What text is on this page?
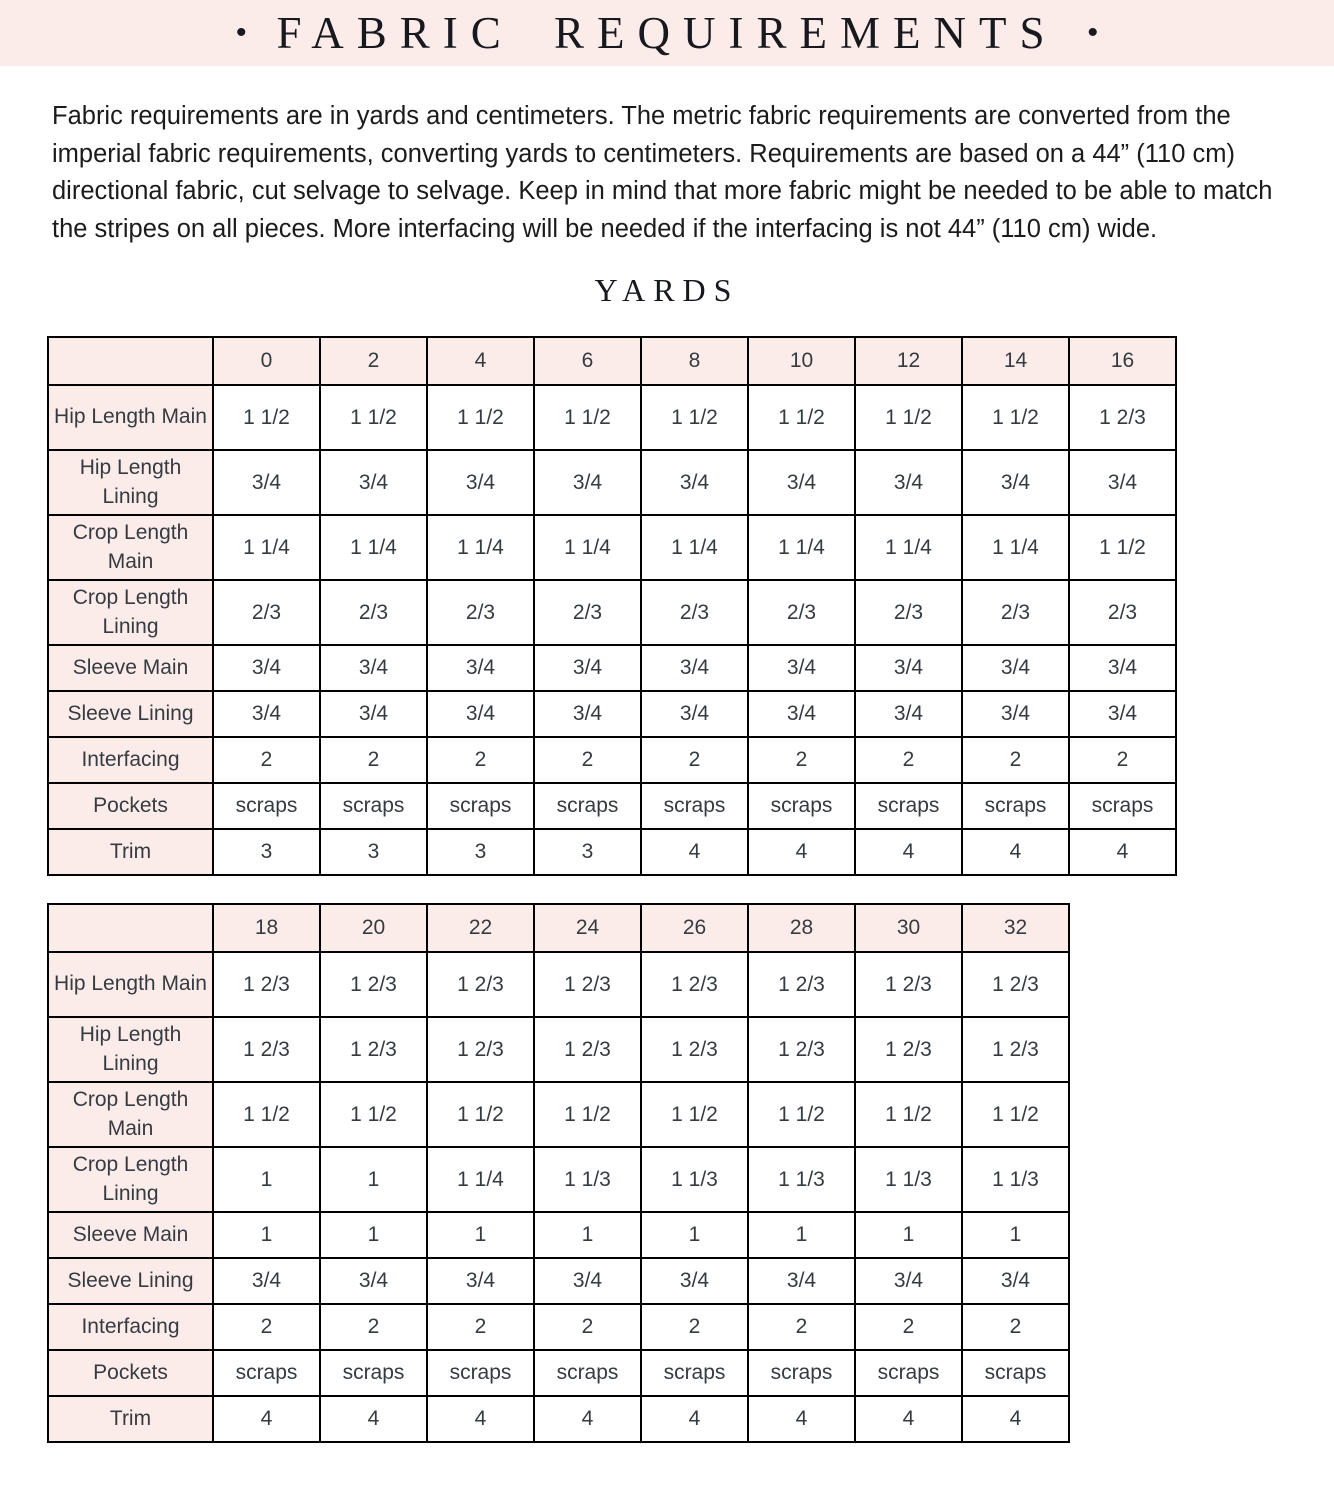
• FABRIC REQUIREMENTS •

Fabric requirements are in yards and centimeters. The metric fabric requirements are converted from the imperial fabric requirements, converting yards to centimeters. Requirements are based on a 44” (110 cm) directional fabric, cut selvage to selvage. Keep in mind that more fabric might be needed to be able to match the stripes on all pieces. More interfacing will be needed if the interfacing is not 44” (110 cm) wide.

YARDS
	0	2	4	6	8	10	12	14	16
Hip Length Main	1 1/2	1 1/2	1 1/2	1 1/2	1 1/2	1 1/2	1 1/2	1 1/2	1 2/3
Hip Length Lining	3/4	3/4	3/4	3/4	3/4	3/4	3/4	3/4	3/4
Crop Length Main	1 1/4	1 1/4	1 1/4	1 1/4	1 1/4	1 1/4	1 1/4	1 1/4	1 1/2
Crop Length Lining	2/3	2/3	2/3	2/3	2/3	2/3	2/3	2/3	2/3
Sleeve Main	3/4	3/4	3/4	3/4	3/4	3/4	3/4	3/4	3/4
Sleeve Lining	3/4	3/4	3/4	3/4	3/4	3/4	3/4	3/4	3/4
Interfacing	2	2	2	2	2	2	2	2	2
Pockets	scraps	scraps	scraps	scraps	scraps	scraps	scraps	scraps	scraps
Trim	3	3	3	3	4	4	4	4	4
	18	20	22	24	26	28	30	32
Hip Length Main	1 2/3	1 2/3	1 2/3	1 2/3	1 2/3	1 2/3	1 2/3	1 2/3
Hip Length Lining	1 2/3	1 2/3	1 2/3	1 2/3	1 2/3	1 2/3	1 2/3	1 2/3
Crop Length Main	1 1/2	1 1/2	1 1/2	1 1/2	1 1/2	1 1/2	1 1/2	1 1/2
Crop Length Lining	1	1	1 1/4	1 1/3	1 1/3	1 1/3	1 1/3	1 1/3
Sleeve Main	1	1	1	1	1	1	1	1
Sleeve Lining	3/4	3/4	3/4	3/4	3/4	3/4	3/4	3/4
Interfacing	2	2	2	2	2	2	2	2
Pockets	scraps	scraps	scraps	scraps	scraps	scraps	scraps	scraps
Trim	4	4	4	4	4	4	4	4
